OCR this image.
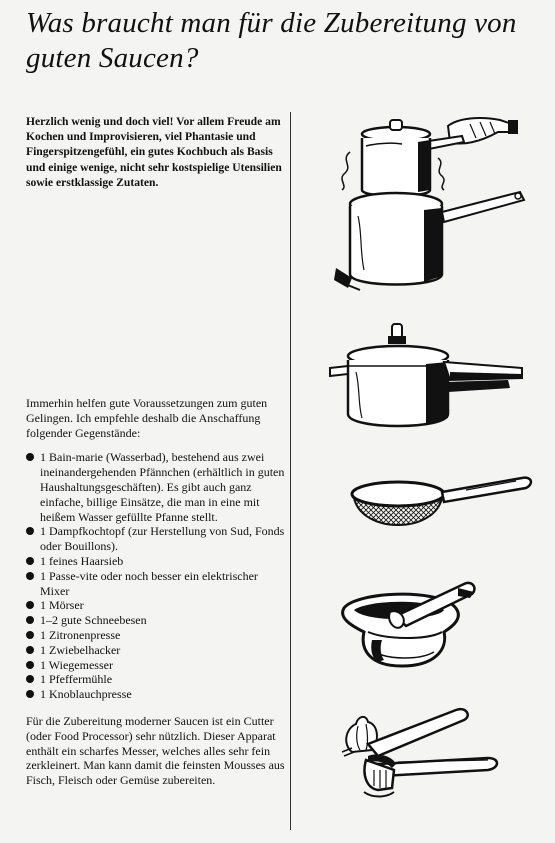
Was braucht man für die Zubereitung von guten Saucen?

Herzlich wenig und doch viel! Vor allem Freude am Kochen und Improvisieren, viel Phantasie und Fingerspitzengefühl, ein gutes Kochbuch als Basis und einige wenige, nicht sehr kostspielige Utensilien sowie erstklassige Zutaten.

Immerhin helfen gute Voraussetzungen zum guten Gelingen. Ich empfehle deshalb die Anschaffung folgender Gegenstände:

1 Bain-marie (Wasserbad), bestehend aus zwei ineinandergehenden Pfännchen (erhältlich in guten Haushaltungsgeschäften). Es gibt auch ganz einfache, billige Einsätze, die man in eine mit heißem Wasser gefüllte Pfanne stellt.
1 Dampfkochtopf (zur Herstellung von Sud, Fonds oder Bouillons).
1 feines Haarsieb
1 Passe-vite oder noch besser ein elektrischer Mixer
1 Mörser
1–2 gute Schneebesen
1 Zitronenpresse
1 Zwiebelhacker
1 Wiegemesser
1 Pfeffermühle
1 Knoblauchpresse

Für die Zubereitung moderner Saucen ist ein Cutter (oder Food Processor) sehr nützlich. Dieser Apparat enthält ein scharfes Messer, welches alles sehr fein zerkleinert. Man kann damit die feinsten Mousses aus Fisch, Fleisch oder Gemüse zubereiten.
